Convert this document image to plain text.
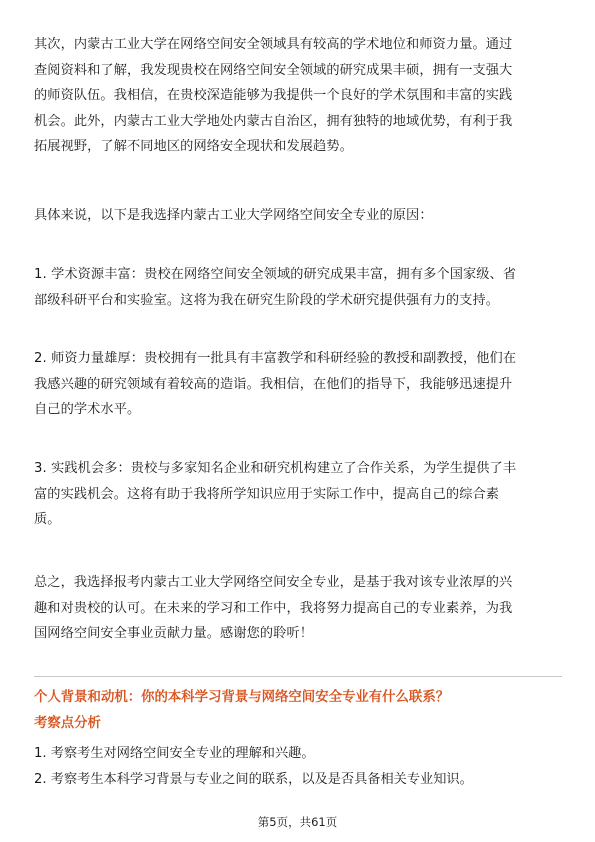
其次，内蒙古工业大学在网络空间安全领域具有较高的学术地位和师资力量。通过
查阅资料和了解，我发现贵校在网络空间安全领域的研究成果丰硕，拥有一支强大
的师资队伍。我相信，在贵校深造能够为我提供一个良好的学术氛围和丰富的实践
机会。此外，内蒙古工业大学地处内蒙古自治区，拥有独特的地域优势，有利于我
拓展视野，了解不同地区的网络安全现状和发展趋势。
具体来说，以下是我选择内蒙古工业大学网络空间安全专业的原因：
1. 学术资源丰富：贵校在网络空间安全领域的研究成果丰富，拥有多个国家级、省
部级科研平台和实验室。这将为我在研究生阶段的学术研究提供强有力的支持。
2. 师资力量雄厚：贵校拥有一批具有丰富教学和科研经验的教授和副教授，他们在
我感兴趣的研究领域有着较高的造诣。我相信，在他们的指导下，我能够迅速提升
自己的学术水平。
3. 实践机会多：贵校与多家知名企业和研究机构建立了合作关系，为学生提供了丰
富的实践机会。这将有助于我将所学知识应用于实际工作中，提高自己的综合素
质。
总之，我选择报考内蒙古工业大学网络空间安全专业，是基于我对该专业浓厚的兴
趣和对贵校的认可。在未来的学习和工作中，我将努力提高自己的专业素养，为我
国网络空间安全事业贡献力量。感谢您的聆听！
个人背景和动机：你的本科学习背景与网络空间安全专业有什么联系？
考察点分析
1. 考察考生对网络空间安全专业的理解和兴趣。
2. 考察考生本科学习背景与专业之间的联系，以及是否具备相关专业知识。
第5页，共61页
